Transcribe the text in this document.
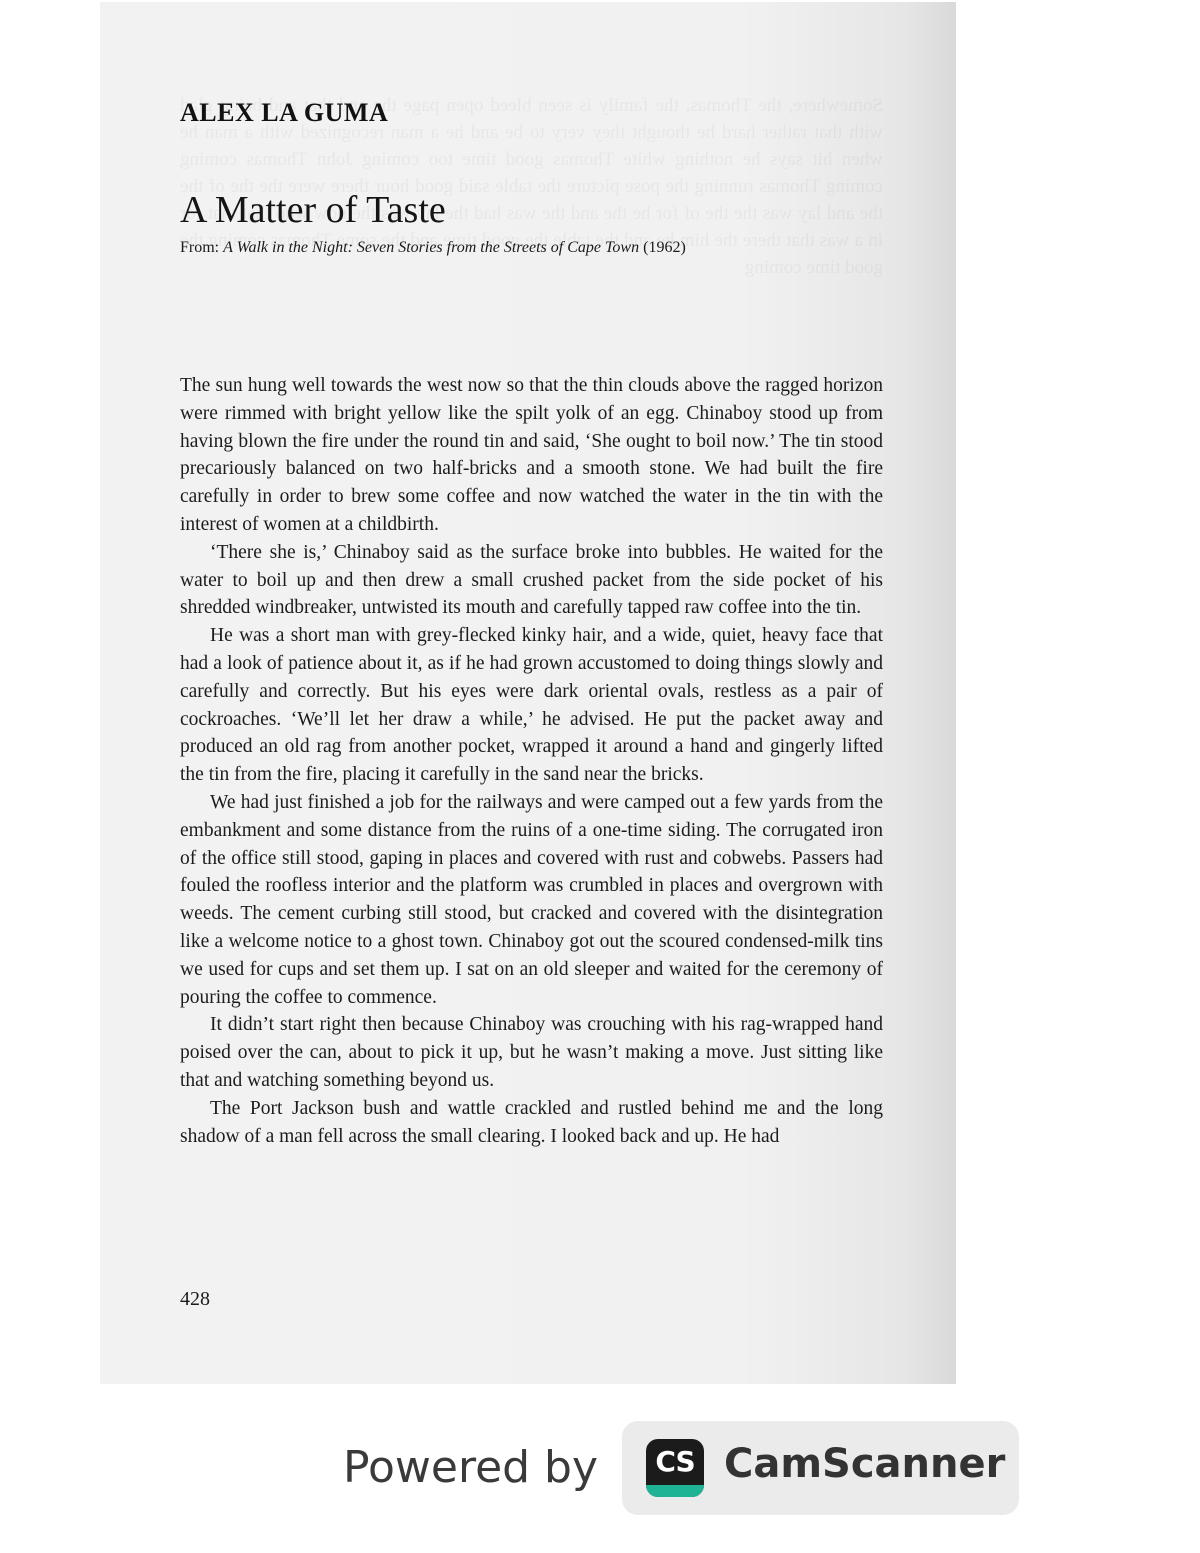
ALEX LA GUMA
A Matter of Taste
From: A Walk in the Night: Seven Stories from the Streets of Cape Town (1962)

The sun hung well towards the west now so that the thin clouds above the ragged horizon were rimmed with bright yellow like the spilt yolk of an egg. Chinaboy stood up from having blown the fire under the round tin and said, ‘She ought to boil now.’ The tin stood precariously balanced on two half-bricks and a smooth stone. We had built the fire carefully in order to brew some coffee and now watched the water in the tin with the interest of women at a childbirth.

‘There she is,’ Chinaboy said as the surface broke into bubbles. He waited for the water to boil up and then drew a small crushed packet from the side pocket of his shredded windbreaker, untwisted its mouth and carefully tapped raw coffee into the tin.

He was a short man with grey-flecked kinky hair, and a wide, quiet, heavy face that had a look of patience about it, as if he had grown accustomed to doing things slowly and carefully and correctly. But his eyes were dark oriental ovals, restless as a pair of cockroaches. ‘We’ll let her draw a while,’ he advised. He put the packet away and produced an old rag from another pocket, wrapped it around a hand and gingerly lifted the tin from the fire, placing it carefully in the sand near the bricks.

We had just finished a job for the railways and were camped out a few yards from the embankment and some distance from the ruins of a one-time siding. The corrugated iron of the office still stood, gaping in places and covered with rust and cobwebs. Passers had fouled the roofless interior and the platform was crumbled in places and overgrown with weeds. The cement curbing still stood, but cracked and covered with the disintegration like a welcome notice to a ghost town. Chinaboy got out the scoured condensed-milk tins we used for cups and set them up. I sat on an old sleeper and waited for the ceremony of pouring the coffee to commence.

It didn’t start right then because Chinaboy was crouching with his rag-wrapped hand poised over the can, about to pick it up, but he wasn’t making a move. Just sitting like that and watching something beyond us.

The Port Jackson bush and wattle crackled and rustled behind me and the long shadow of a man fell across the small clearing. I looked back and up. He had

428
Powered by	CS CamScanner
